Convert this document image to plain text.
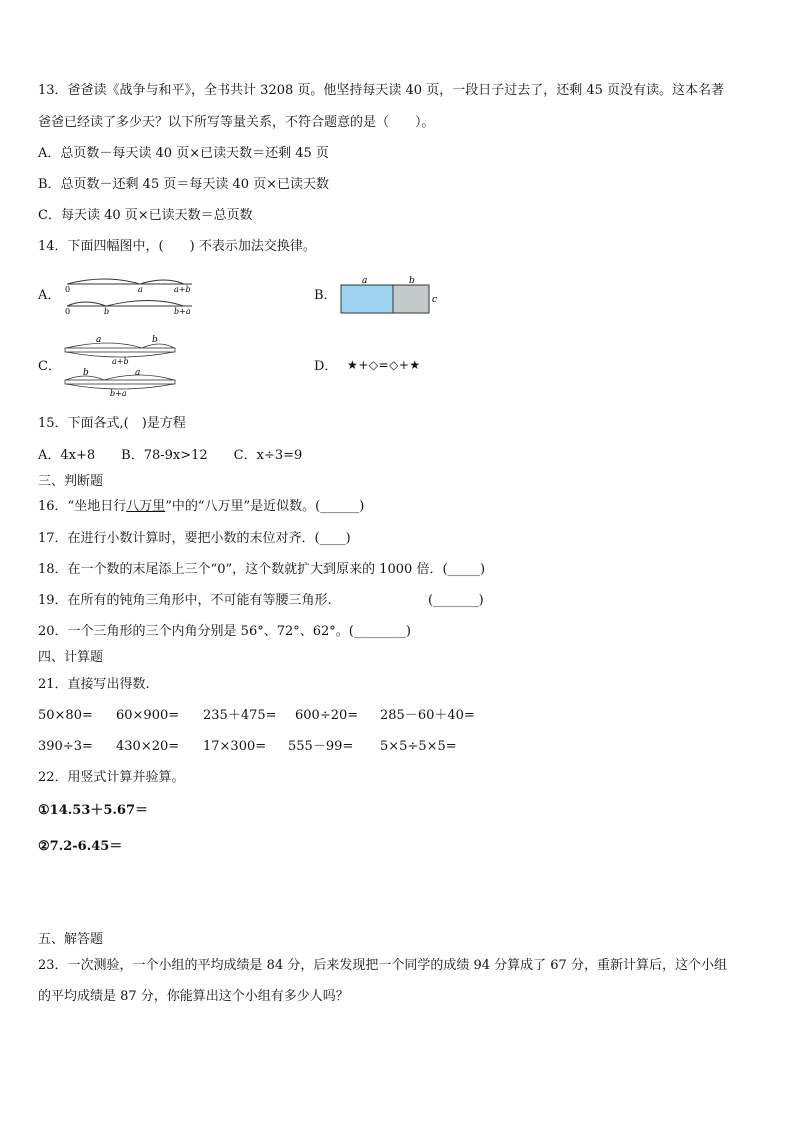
13．爸爸读《战争与和平》，全书共计 3208 页。他坚持每天读 40 页，一段日子过去了，还剩 45 页没有读。这本名著
爸爸已经读了多少天？以下所写等量关系，不符合题意的是（　　）。
A．总页数－每天读 40 页×已读天数＝还剩 45 页
B．总页数－还剩 45 页＝每天读 40 页×已读天数
C．每天读 40 页×已读天数＝总页数
14．下面四幅图中，(　　) 不表示加法交换律。
A． 0	a	a+b
0	b	b+a
B．
a	b
c
C．
a	b
a+b
b	a
b+a
D． ★+◇=◇+★
15．下面各式,(　)是方程
A．4x+8　　B．78-9x>12　　C．x÷3=9
三、判断题
16．“坐地日行八万里”中的“八万里”是近似数。(______)
17．在进行小数计算时，要把小数的末位对齐．(____)
18．在一个数的末尾添上三个“0”，这个数就扩大到原来的 1000 倍．(_____)
19．在所有的钝角三角形中，不可能有等腰三角形.	(_______)
20．一个三角形的三个内角分别是 56°、72°、62°。(________)
四、计算题
21．直接写出得数.
50×80= 60×900= 235＋475= 600÷20= 285－60＋40=
390÷3= 430×20= 17×300= 555－99= 5×5÷5×5=
22．用竖式计算并验算。
①14.53＋5.67＝
②7.2-6.45＝
五、解答题
23．一次测验，一个小组的平均成绩是 84 分，后来发现把一个同学的成绩 94 分算成了 67 分，重新计算后，这个小组
的平均成绩是 87 分，你能算出这个小组有多少人吗？
